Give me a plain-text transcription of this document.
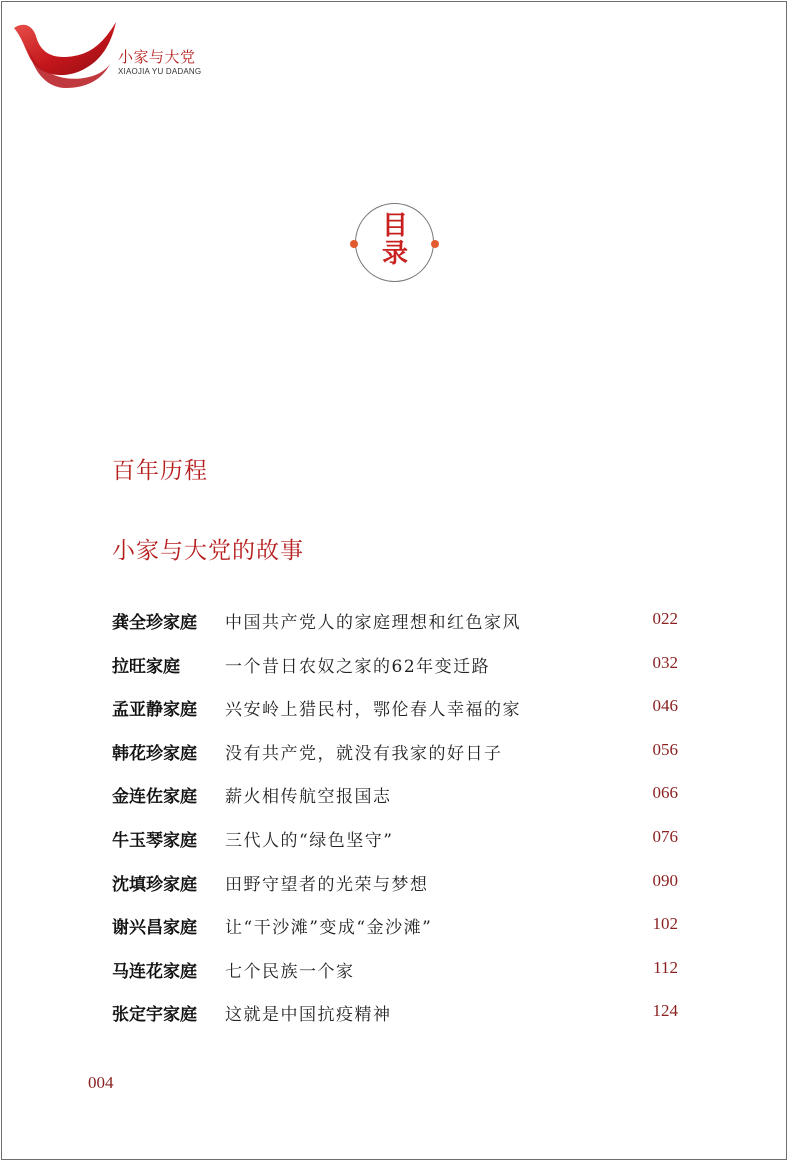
小家与大党
XIAOJIA YU DADANG
目
录
百年历程
小家与大党的故事
龚全珍家庭 中国共产党人的家庭理想和红色家风	022
拉旺家庭	一个昔日农奴之家的62年变迁路	032
孟亚静家庭 兴安岭上猎民村，鄂伦春人幸福的家	046
韩花珍家庭 没有共产党，就没有我家的好日子	056
金连佐家庭 薪火相传航空报国志	066
牛玉琴家庭 三代人的“绿色坚守”	076
沈填珍家庭 田野守望者的光荣与梦想	090
谢兴昌家庭 让“干沙滩”变成“金沙滩”	102
马连花家庭 七个民族一个家	112
张定宇家庭 这就是中国抗疫精神	124
004
